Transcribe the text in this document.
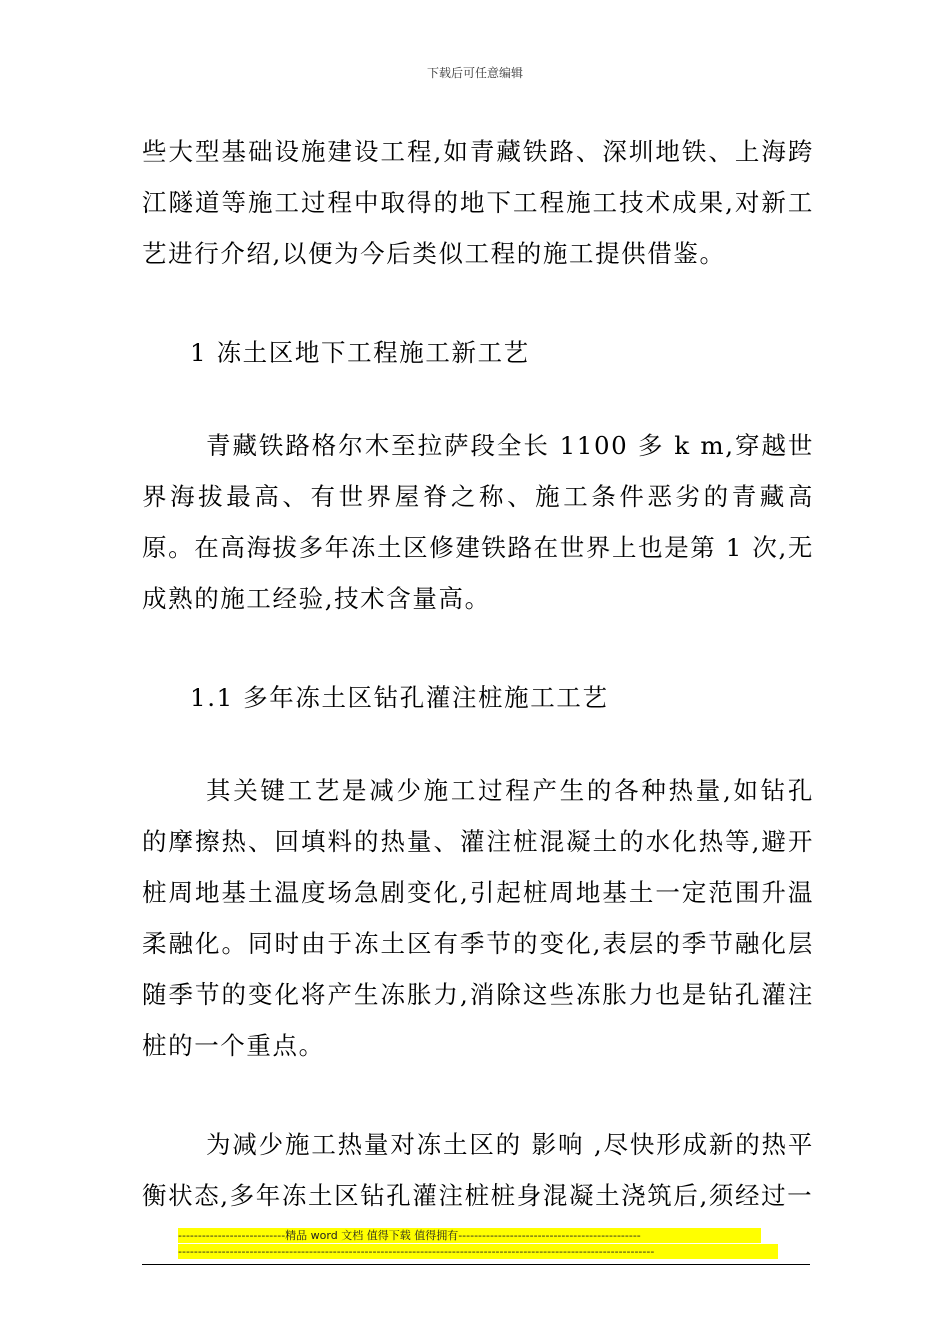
下载后可任意编辑

些大型基础设施建设工程,如青藏铁路、深圳地铁、上海跨江隧道等施工过程中取得的地下工程施工技术成果,对新工艺进行介绍,以便为今后类似工程的施工提供借鉴。

1 冻土区地下工程施工新工艺

青藏铁路格尔木至拉萨段全长 1100 多 k m,穿越世界海拔最高、有世界屋脊之称、施工条件恶劣的青藏高原。在高海拔多年冻土区修建铁路在世界上也是第 1 次,无成熟的施工经验,技术含量高。

1.1 多年冻土区钻孔灌注桩施工工艺

其关键工艺是减少施工过程产生的各种热量,如钻孔的摩擦热、回填料的热量、灌注桩混凝土的水化热等,避开桩周地基土温度场急剧变化,引起桩周地基土一定范围升温柔融化。同时由于冻土区有季节的变化,表层的季节融化层随季节的变化将产生冻胀力,消除这些冻胀力也是钻孔灌注桩的一个重点。

为减少施工热量对冻土区的 影响 ,尽快形成新的热平衡状态,多年冻土区钻孔灌注桩桩身混凝土浇筑后,须经过一

---------------------------精品 word 文档 值得下载 值得拥有----------------------------------------------
------------------------------------------------------------------------------------------------------------------------
